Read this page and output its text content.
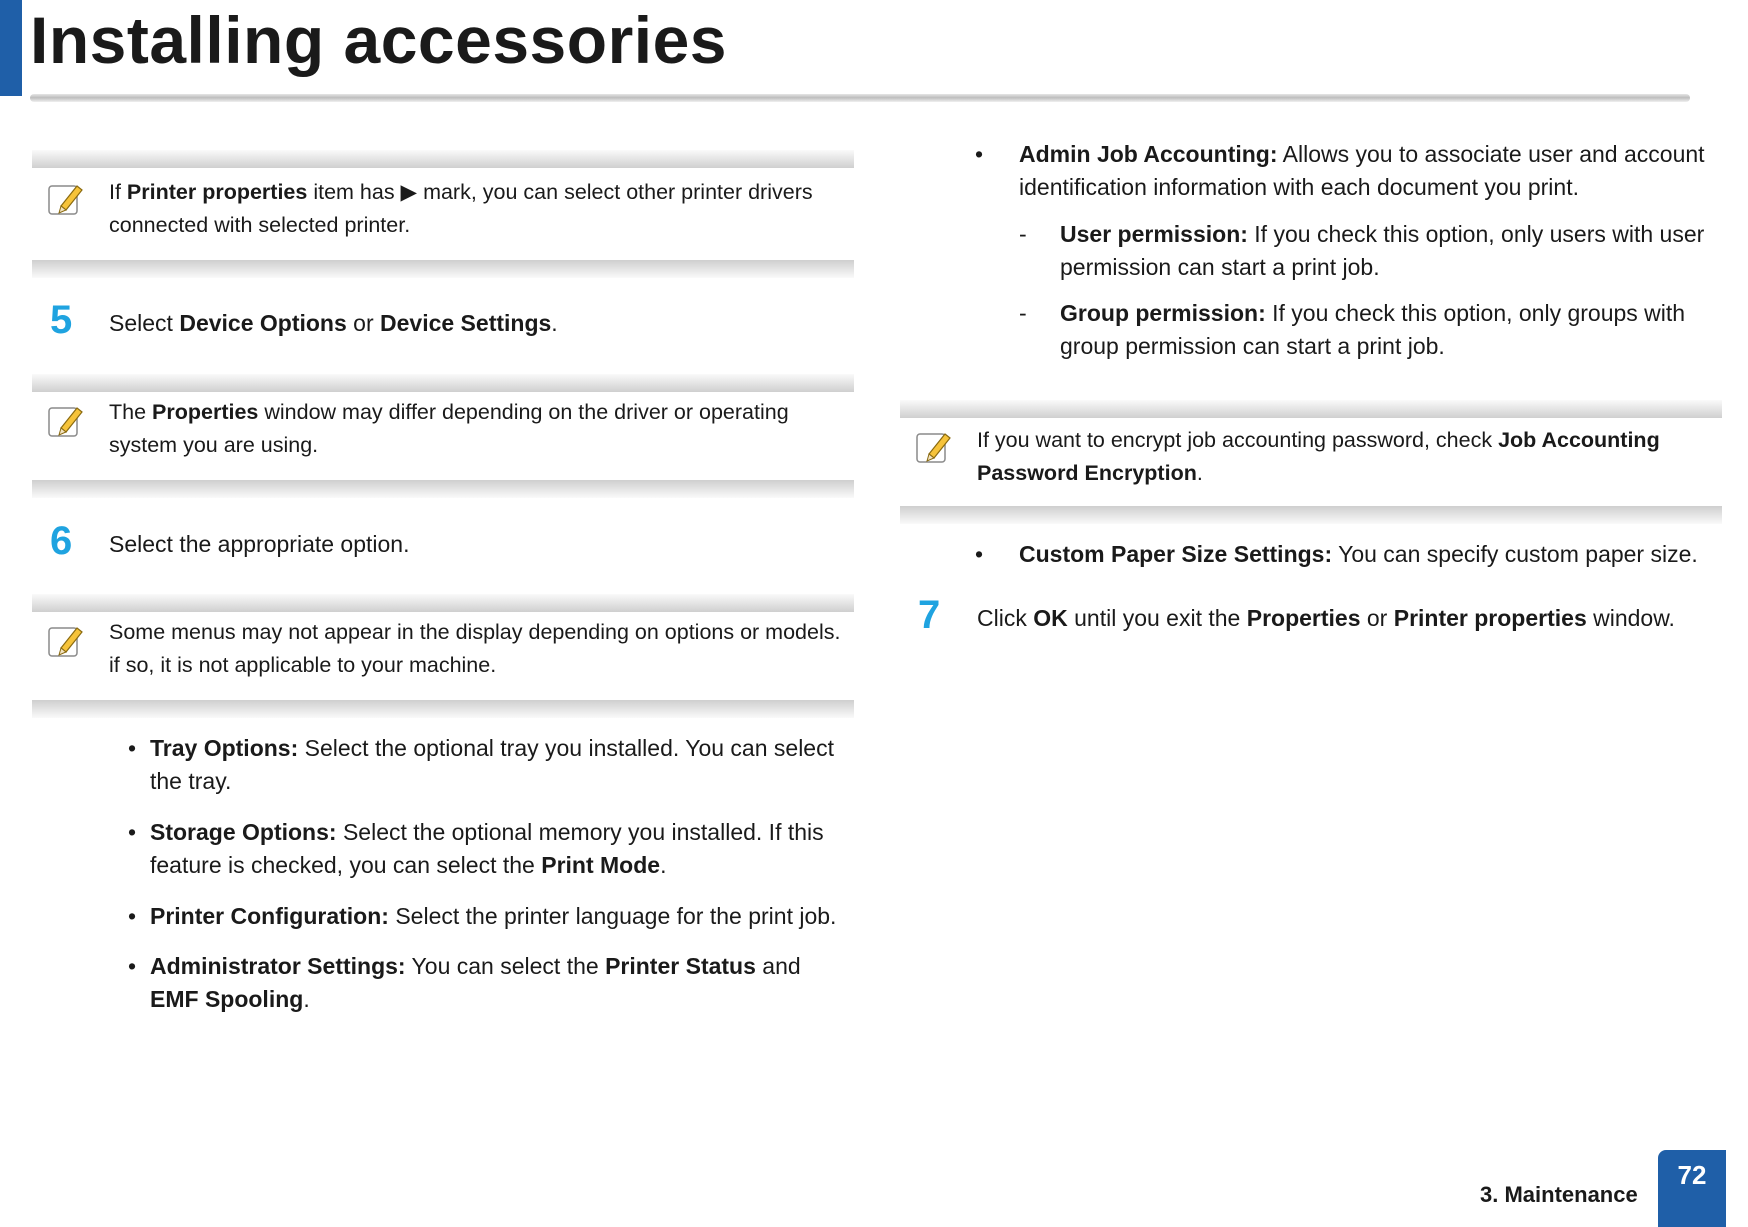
Installing accessories
If Printer properties item has ▶ mark, you can select other printer drivers connected with selected printer.
5 Select Device Options or Device Settings.
The Properties window may differ depending on the driver or operating system you are using.
6 Select the appropriate option.
Some menus may not appear in the display depending on options or models. if so, it is not applicable to your machine.
• Tray Options: Select the optional tray you installed. You can select the tray.
• Storage Options: Select the optional memory you installed. If this feature is checked, you can select the Print Mode.
• Printer Configuration: Select the printer language for the print job.
• Administrator Settings: You can select the Printer Status and EMF Spooling.
• Admin Job Accounting: Allows you to associate user and account identification information with each document you print.
- User permission: If you check this option, only users with user permission can start a print job.
- Group permission: If you check this option, only groups with group permission can start a print job.
If you want to encrypt job accounting password, check Job Accounting Password Encryption.
• Custom Paper Size Settings: You can specify custom paper size.
7 Click OK until you exit the Properties or Printer properties window.
3. Maintenance
72
